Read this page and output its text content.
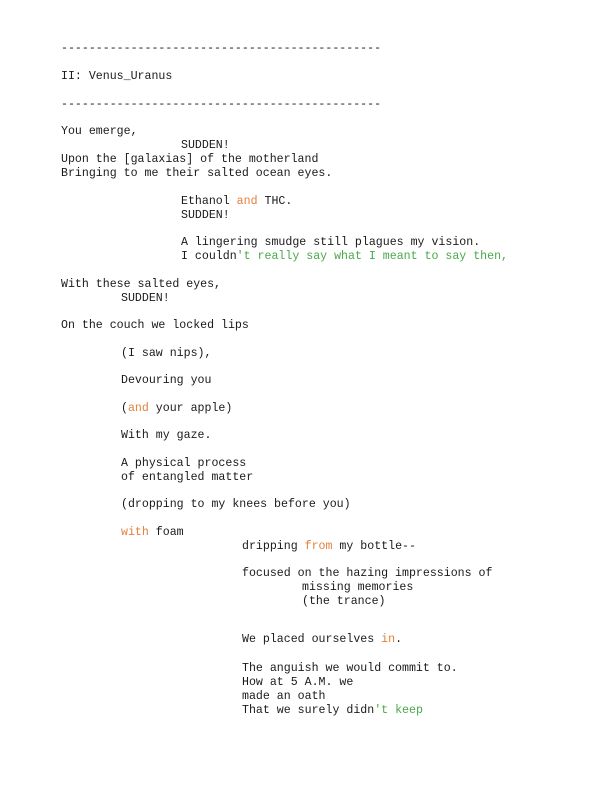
----------------------------------------------
II: Venus_Uranus
----------------------------------------------
You emerge,
SUDDEN!
Upon the [galaxias] of the motherland
Bringing to me their salted ocean eyes.
Ethanol and THC.
SUDDEN!
A lingering smudge still plagues my vision.
I couldn't really say what I meant to say then,
With these salted eyes,
SUDDEN!
On the couch we locked lips
(I saw nips),
Devouring you
(and your apple)
With my gaze.
A physical process
of entangled matter
(dropping to my knees before you)
with foam
dripping from my bottle--
focused on the hazing impressions of
missing memories
(the trance)
We placed ourselves in.
The anguish we would commit to.
How at 5 A.M. we
made an oath
That we surely didn't keep
